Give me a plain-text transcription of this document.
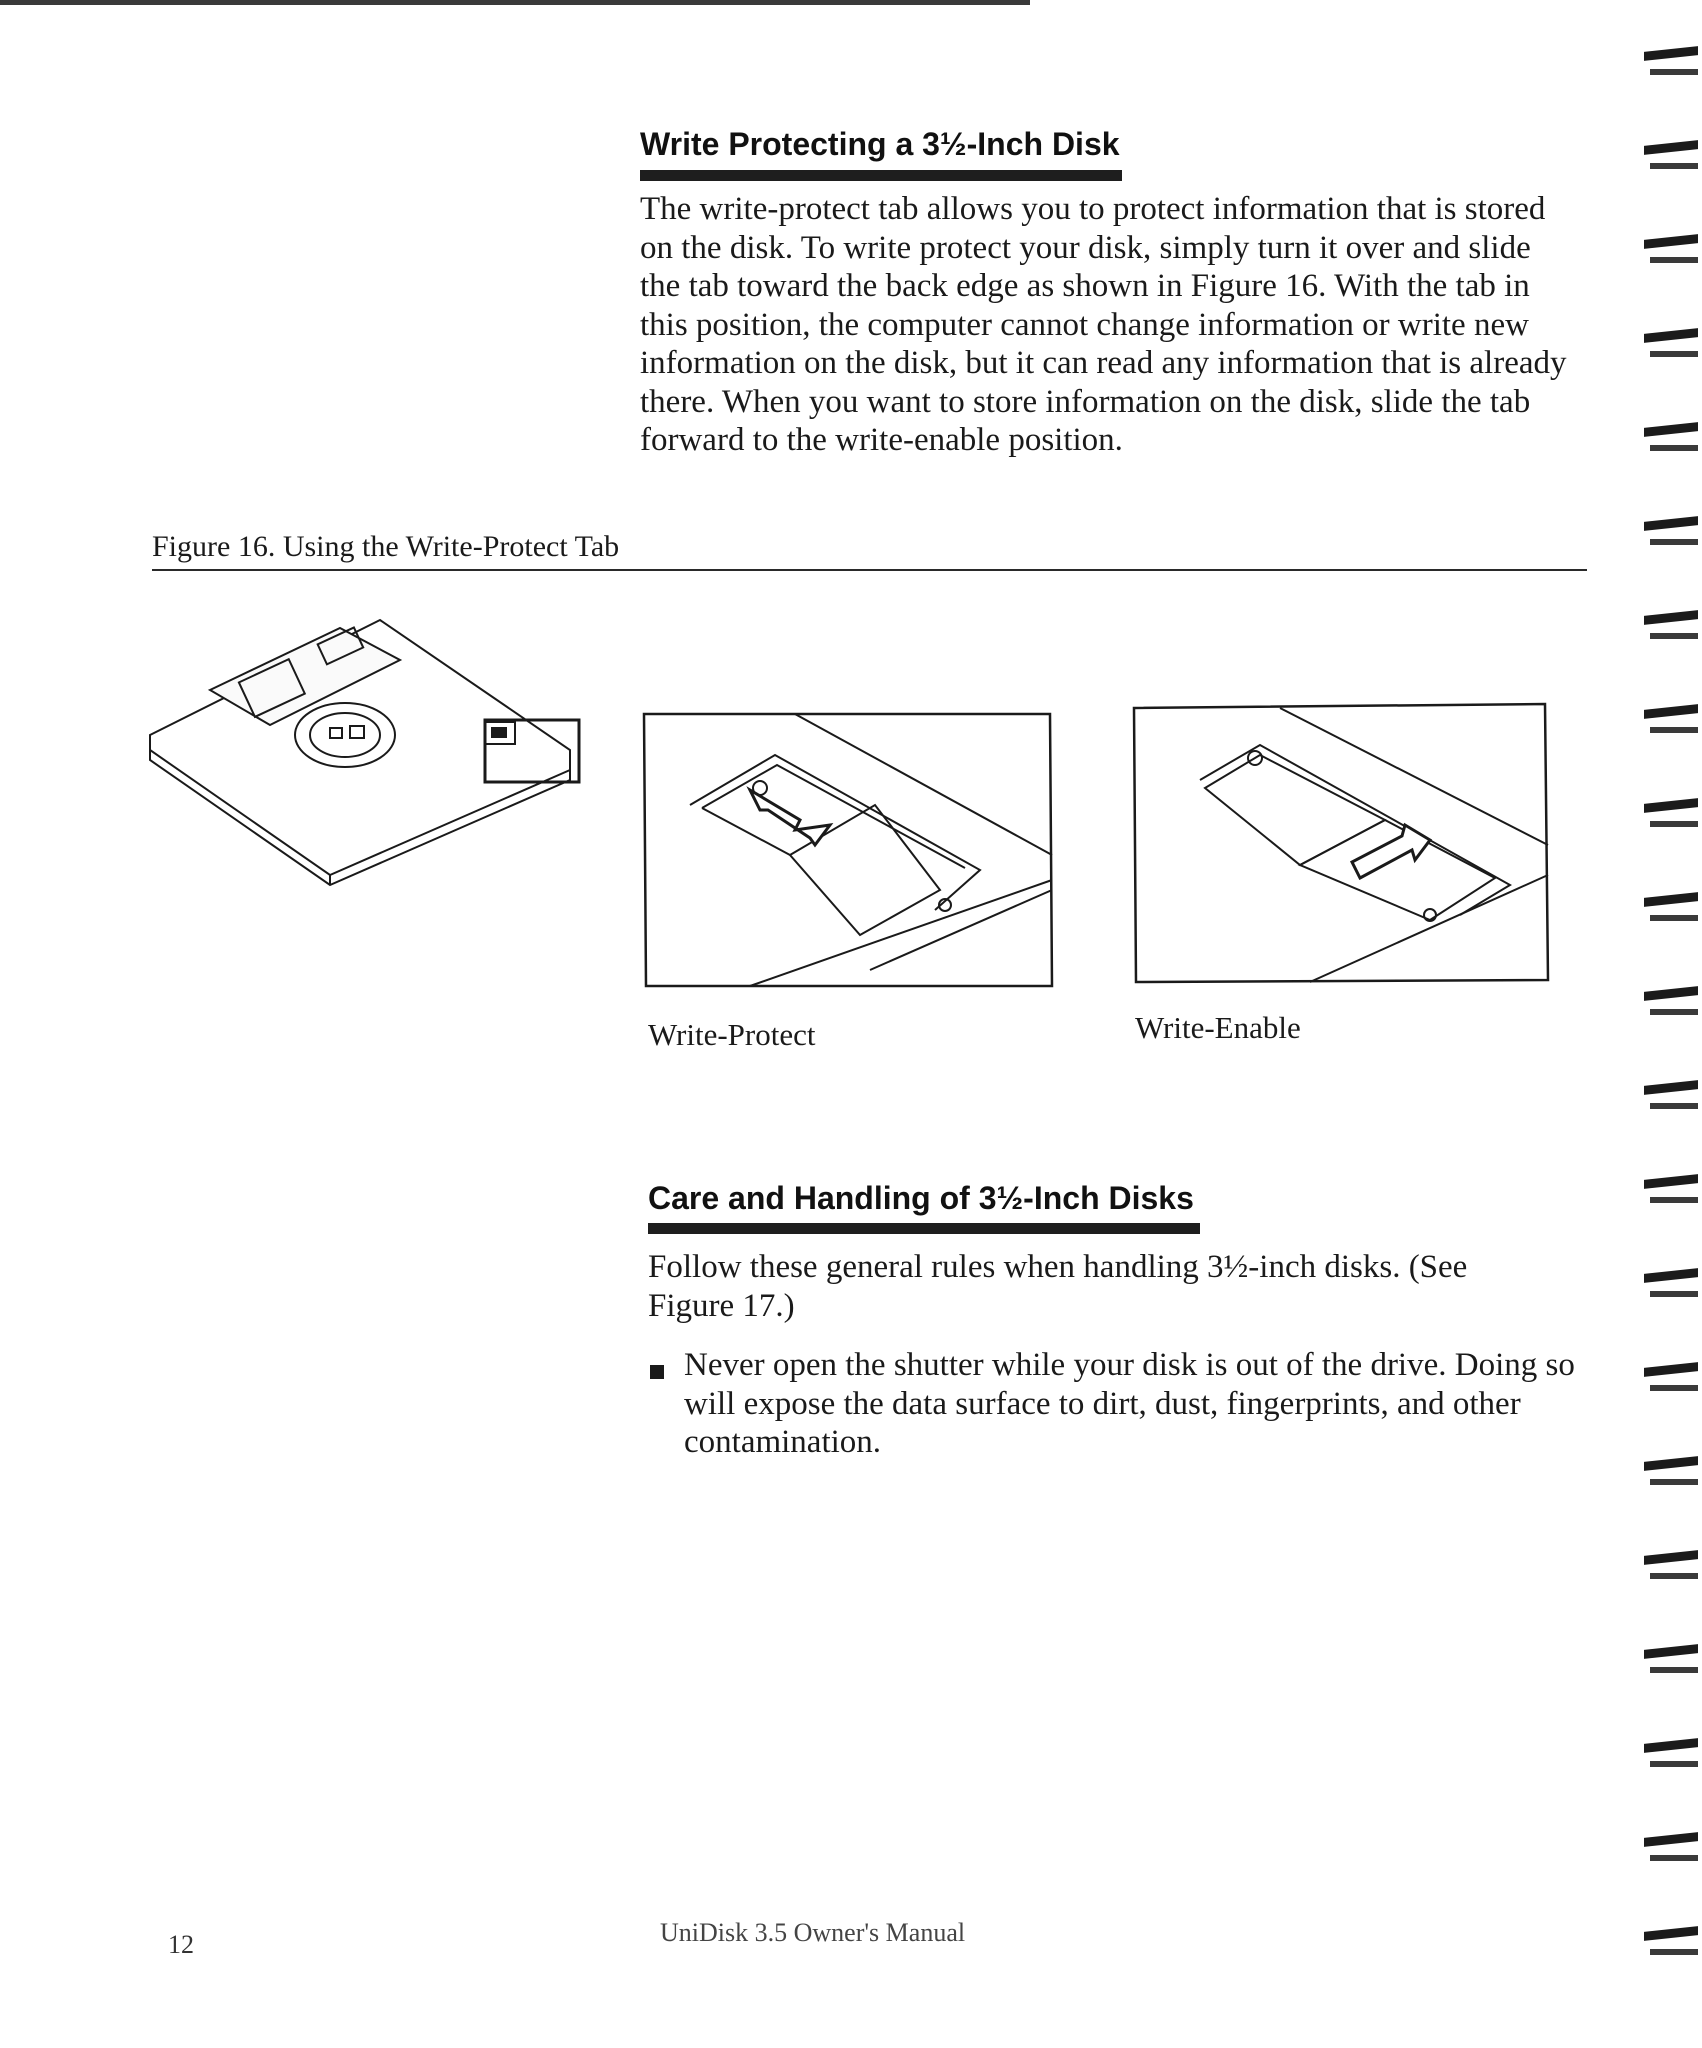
Write Protecting a 3½-Inch Disk
The write-protect tab allows you to protect information that is stored
on the disk. To write protect your disk, simply turn it over and slide
the tab toward the back edge as shown in Figure 16. With the tab in
this position, the computer cannot change information or write new
information on the disk, but it can read any information that is already
there. When you want to store information on the disk, slide the tab
forward to the write-enable position.
Figure 16. Using the Write-Protect Tab
Write-Protect	Write-Enable
Care and Handling of 3½-Inch Disks
Follow these general rules when handling 3½-inch disks. (See
Figure 17.)
Never open the shutter while your disk is out of the drive. Doing so
will expose the data surface to dirt, dust, fingerprints, and other
contamination.
12	UniDisk 3.5 Owner's Manual
